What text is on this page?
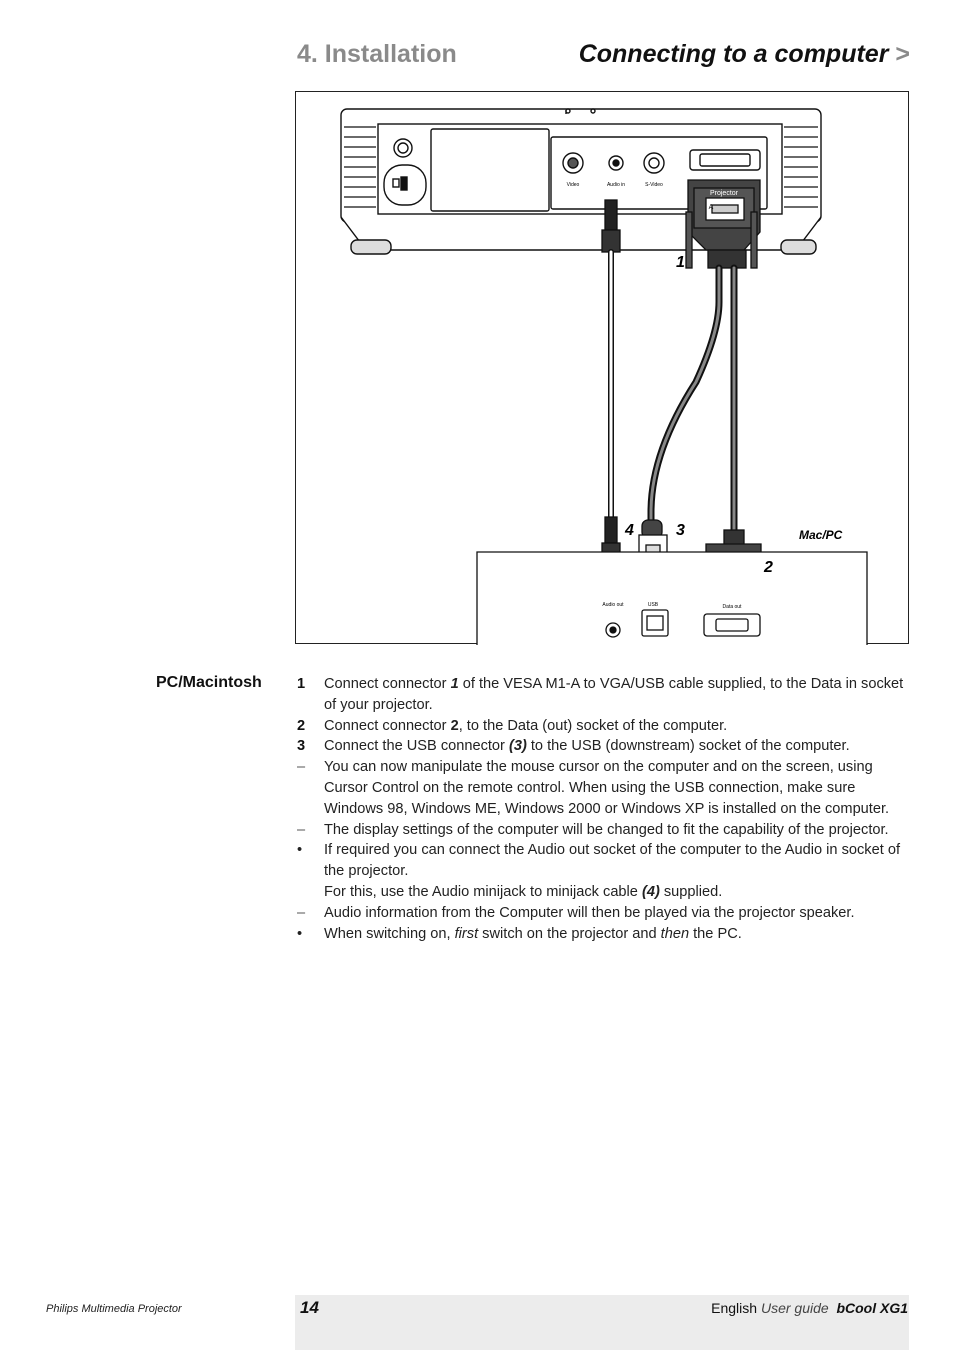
4. Installation	Connecting to a computer >
Video	Audio in	S-Video
Projector
A
Audio out	USB	Data out
1
2
3
4	Mac/PC
PC/Macintosh 1	Connect connector 1 of the VESA M1-A to VGA/USB cable supplied, to the Data in socket of your projector.
2	Connect connector 2, to the Data (out) socket of the computer.
3	Connect the USB connector (3) to the USB (downstream) socket of the computer.
–	You can now manipulate the mouse cursor on the computer and on the screen, using Cursor Control on the remote control. When using the USB connection, make sure Windows 98, Windows ME, Windows 2000 or Windows XP is installed on the computer.
–	The display settings of the computer will be changed to fit the capability of the projector.
•	If required you can connect the Audio out socket of the computer to the Audio in socket of the projector.
For this, use the Audio minijack to minijack cable (4) supplied.
–	Audio information from the Computer will then be played via the projector speaker.
•	When switching on, first switch on the projector and then the PC.
Philips Multimedia Projector	14	English User guide bCool XG1
